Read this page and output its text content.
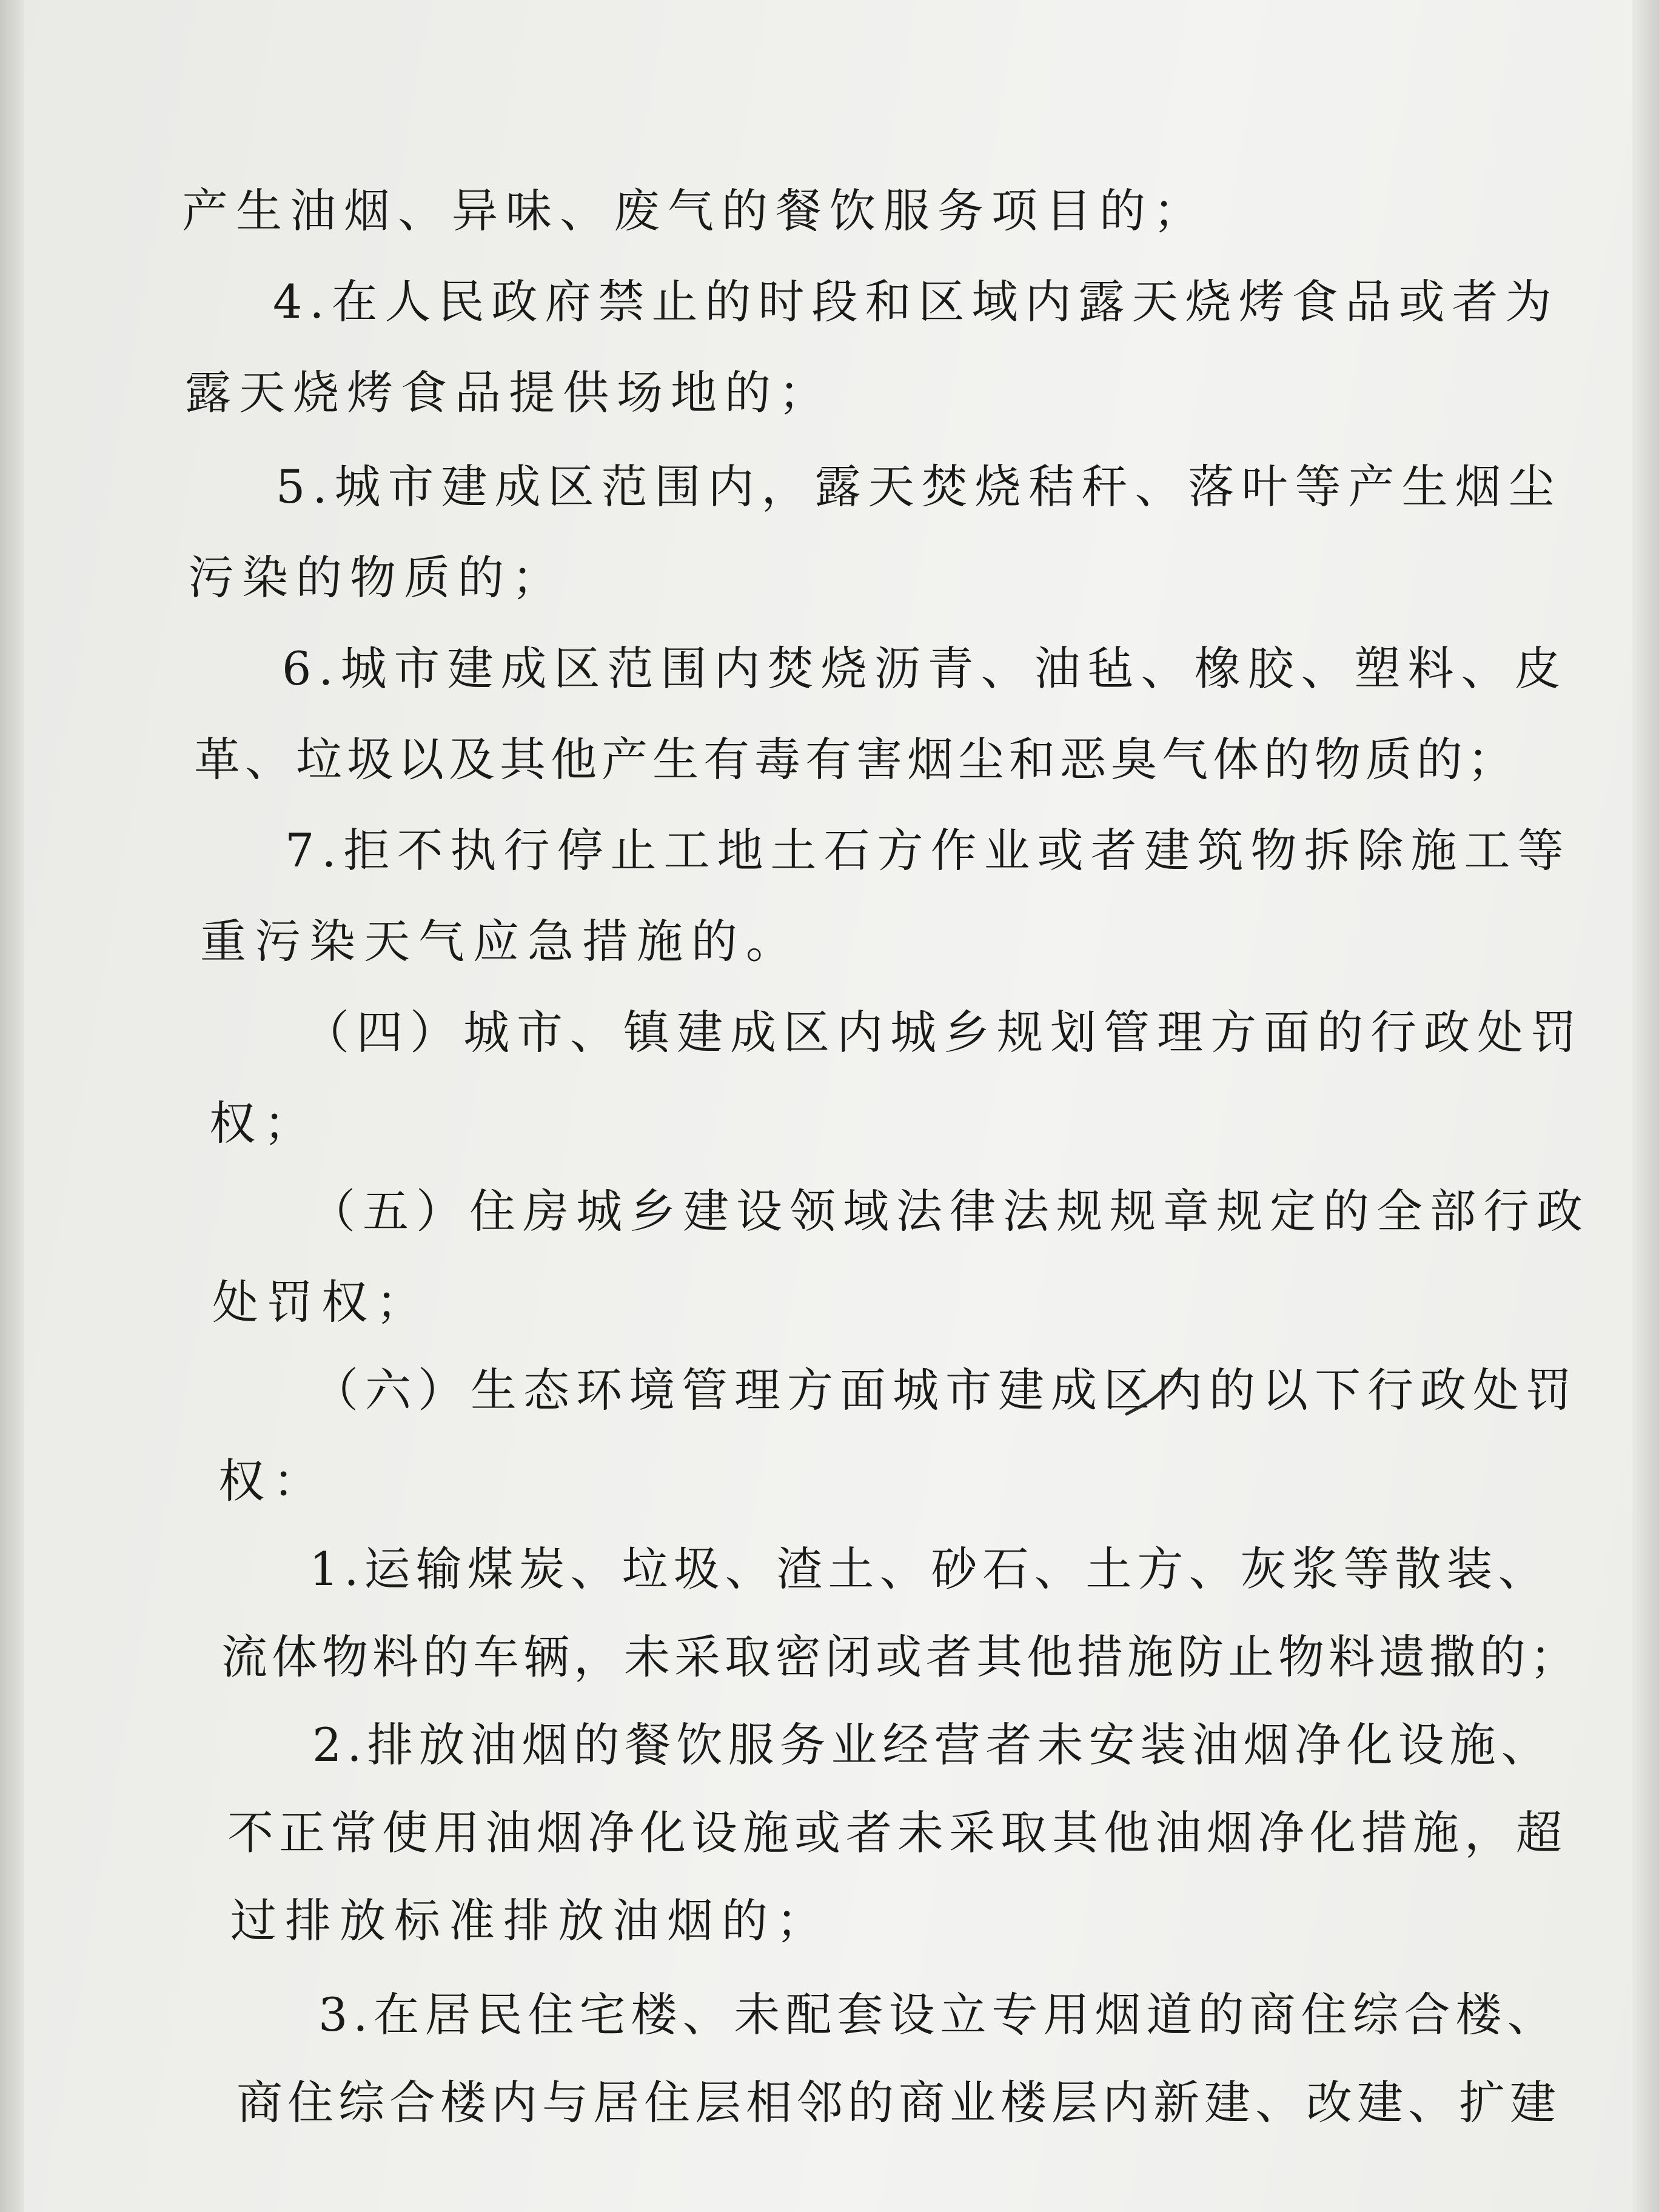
产生油烟、异味、废气的餐饮服务项目的；
4.在人民政府禁止的时段和区域内露天烧烤食品或者为
露天烧烤食品提供场地的；
5.城市建成区范围内，露天焚烧秸秆、落叶等产生烟尘
污染的物质的；
6.城市建成区范围内焚烧沥青、油毡、橡胶、塑料、皮
革、垃圾以及其他产生有毒有害烟尘和恶臭气体的物质的；
7.拒不执行停止工地土石方作业或者建筑物拆除施工等
重污染天气应急措施的。
（四）城市、镇建成区内城乡规划管理方面的行政处罚
权；
（五）住房城乡建设领域法律法规规章规定的全部行政
处罚权；
（六）生态环境管理方面城市建成区内的以下行政处罚
权：
1.运输煤炭、垃圾、渣土、砂石、土方、灰浆等散装、
流体物料的车辆，未采取密闭或者其他措施防止物料遗撒的；
2.排放油烟的餐饮服务业经营者未安装油烟净化设施、
不正常使用油烟净化设施或者未采取其他油烟净化措施，超
过排放标准排放油烟的；
3.在居民住宅楼、未配套设立专用烟道的商住综合楼、
商住综合楼内与居住层相邻的商业楼层内新建、改建、扩建
